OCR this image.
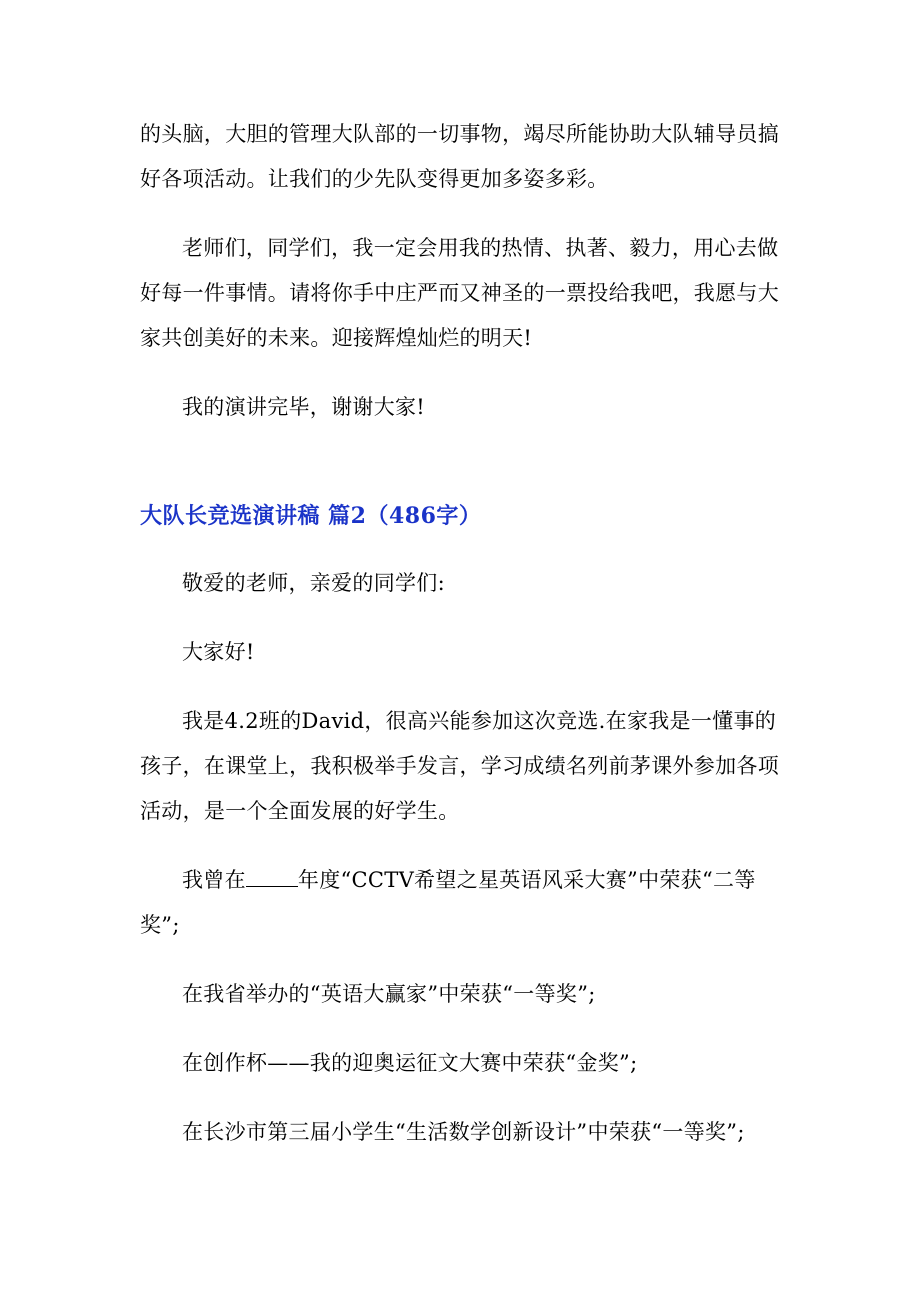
的头脑，大胆的管理大队部的一切事物，竭尽所能协助大队辅导员搞好各项活动。让我们的少先队变得更加多姿多彩。

老师们，同学们，我一定会用我的热情、执著、毅力，用心去做好每一件事情。请将你手中庄严而又神圣的一票投给我吧，我愿与大家共创美好的未来。迎接辉煌灿烂的明天!

我的演讲完毕，谢谢大家!

大队长竞选演讲稿 篇2（486字）

敬爱的老师，亲爱的同学们:

大家好!

我是4.2班的David，很高兴能参加这次竞选.在家我是一懂事的孩子，在课堂上，我积极举手发言，学习成绩名列前茅课外参加各项活动，是一个全面发展的好学生。

我曾在 年度“CCTV希望之星英语风采大赛”中荣获“二等奖”;

在我省举办的“英语大赢家”中荣获“一等奖”;

在创作杯——我的迎奥运征文大赛中荣获“金奖”;

在长沙市第三届小学生“生活数学创新设计”中荣获“一等奖”;
